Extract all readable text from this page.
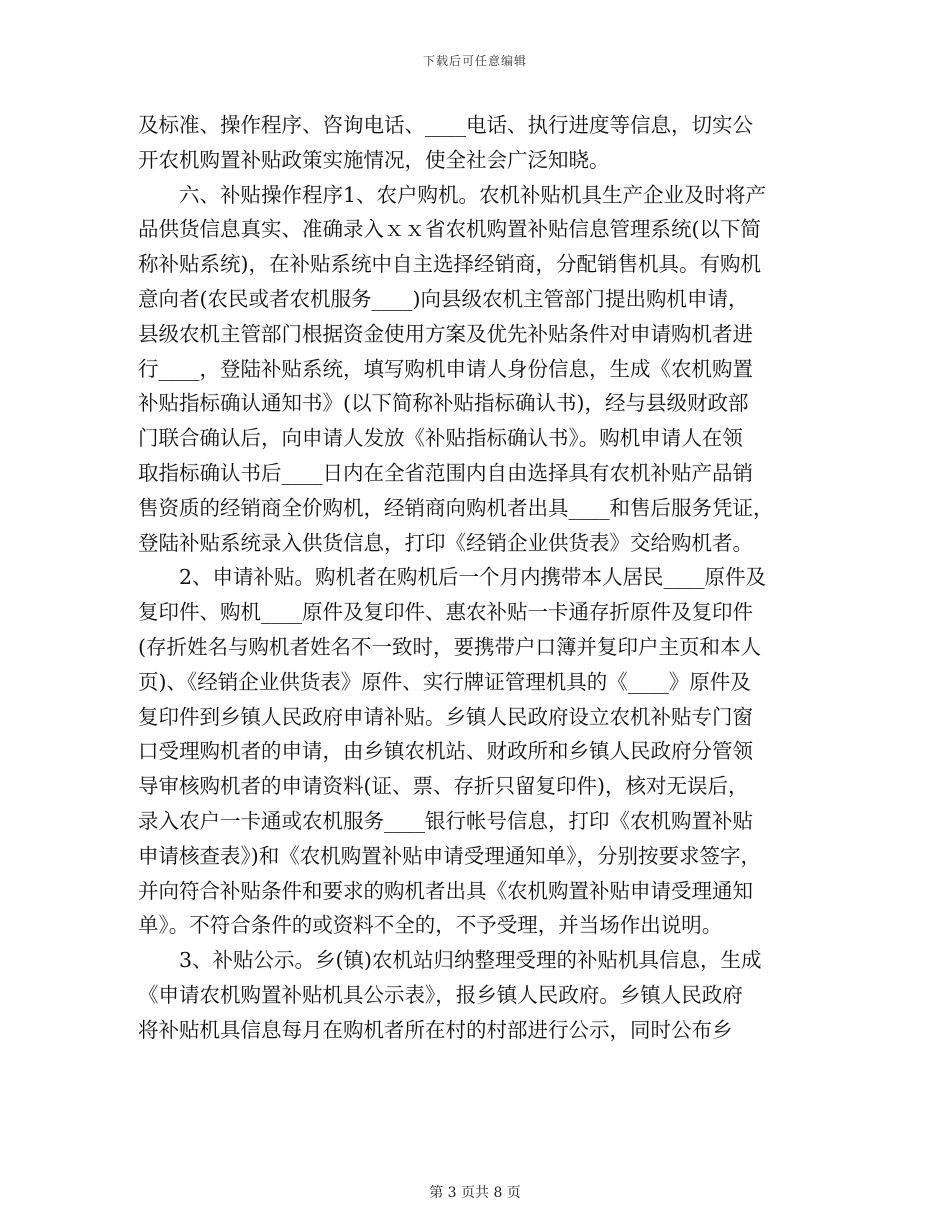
下载后可任意编辑
及标准、操作程序、咨询电话、____电话、执行进度等信息，切实公
开农机购置补贴政策实施情况，使全社会广泛知晓。
　　六、补贴操作程序1、农户购机。农机补贴机具生产企业及时将产
品供货信息真实、准确录入ｘｘ省农机购置补贴信息管理系统(以下简
称补贴系统)，在补贴系统中自主选择经销商，分配销售机具。有购机
意向者(农民或者农机服务____)向县级农机主管部门提出购机申请，
县级农机主管部门根据资金使用方案及优先补贴条件对申请购机者进
行____，登陆补贴系统，填写购机申请人身份信息，生成《农机购置
补贴指标确认通知书》(以下简称补贴指标确认书)，经与县级财政部
门联合确认后，向申请人发放《补贴指标确认书》。购机申请人在领
取指标确认书后____日内在全省范围内自由选择具有农机补贴产品销
售资质的经销商全价购机，经销商向购机者出具____和售后服务凭证，
登陆补贴系统录入供货信息，打印《经销企业供货表》交给购机者。
　　2、申请补贴。购机者在购机后一个月内携带本人居民____原件及
复印件、购机____原件及复印件、惠农补贴一卡通存折原件及复印件
(存折姓名与购机者姓名不一致时，要携带户口簿并复印户主页和本人
页)、《经销企业供货表》原件、实行牌证管理机具的《____》原件及
复印件到乡镇人民政府申请补贴。乡镇人民政府设立农机补贴专门窗
口受理购机者的申请，由乡镇农机站、财政所和乡镇人民政府分管领
导审核购机者的申请资料(证、票、存折只留复印件)，核对无误后，
录入农户一卡通或农机服务____银行帐号信息，打印《农机购置补贴
申请核查表》)和《农机购置补贴申请受理通知单》，分别按要求签字，
并向符合补贴条件和要求的购机者出具《农机购置补贴申请受理通知
单》。不符合条件的或资料不全的，不予受理，并当场作出说明。
　　3、补贴公示。乡(镇)农机站归纳整理受理的补贴机具信息，生成
《申请农机购置补贴机具公示表》，报乡镇人民政府。乡镇人民政府
将补贴机具信息每月在购机者所在村的村部进行公示，同时公布乡
第 3 页共 8 页
